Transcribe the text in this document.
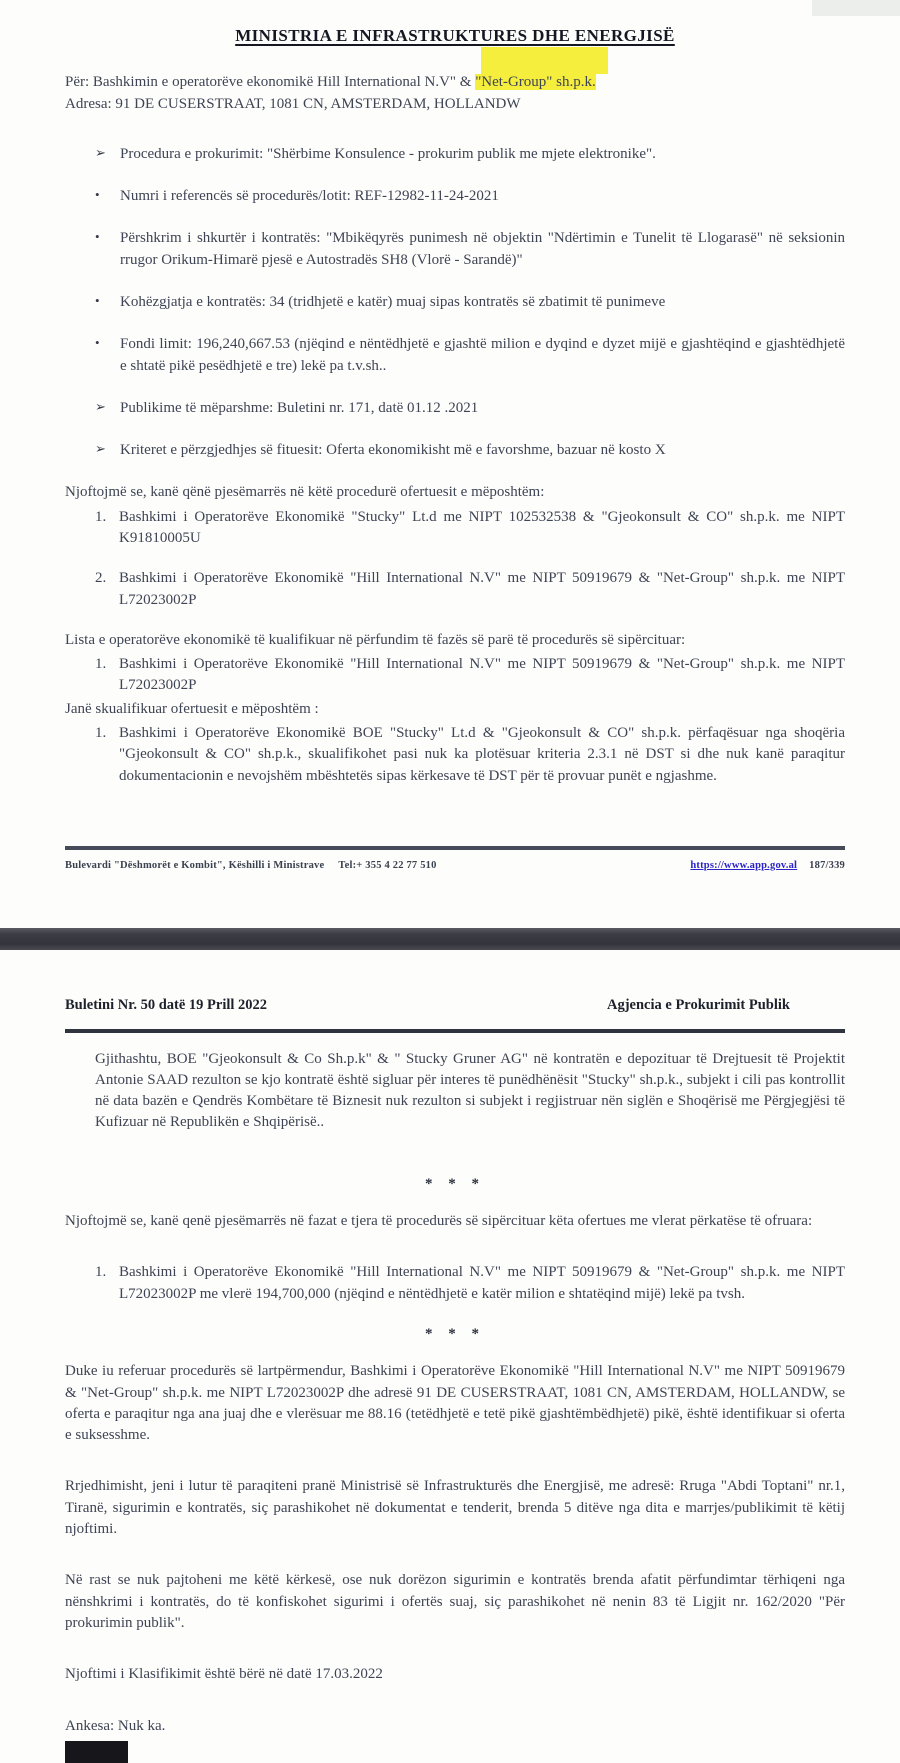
MINISTRIA E INFRASTRUKTURES DHE ENERGJISË

Për: Bashkimin e operatorëve ekonomikë Hill International N.V" & "Net-Group" sh.p.k.

Adresa: 91 DE CUSERSTRAAT, 1081 CN, AMSTERDAM, HOLLANDW

➢ Procedura e prokurimit: "Shërbime Konsulence - prokurim publik me mjete elektronike".
•	Numri i referencës së procedurës/lotit: REF-12982-11-24-2021
•	Përshkrim i shkurtër i kontratës: "Mbikëqyrës punimesh në objektin "Ndërtimin e Tunelit të Llogarasë" në seksionin rrugor Orikum-Himarë pjesë e Autostradës SH8 (Vlorë - Sarandë)"
•	Kohëzgjatja e kontratës: 34 (tridhjetë e katër) muaj sipas kontratës së zbatimit të punimeve
•	Fondi limit: 196,240,667.53 (njëqind e nëntëdhjetë e gjashtë milion e dyqind e dyzet mijë e gjashtëqind e gjashtëdhjetë e shtatë pikë pesëdhjetë e tre) lekë pa t.v.sh..
➢ Publikime të mëparshme: Buletini nr. 171, datë 01.12 .2021
➢ Kriteret e përzgjedhjes së fituesit: Oferta ekonomikisht më e favorshme, bazuar në kosto X

Njoftojmë se, kanë qënë pjesëmarrës në këtë procedurë ofertuesit e mëposhtëm:

1. Bashkimi i Operatorëve Ekonomikë "Stucky" Lt.d me NIPT 102532538 & "Gjeokonsult & CO" sh.p.k. me NIPT K91810005U
2. Bashkimi i Operatorëve Ekonomikë "Hill International N.V" me NIPT 50919679 & "Net-Group" sh.p.k. me NIPT L72023002P

Lista e operatorëve ekonomikë të kualifikuar në përfundim të fazës së parë të procedurës së sipërcituar:

1. Bashkimi i Operatorëve Ekonomikë "Hill International N.V" me NIPT 50919679 & "Net-Group" sh.p.k. me NIPT L72023002P

Janë skualifikuar ofertuesit e mëposhtëm :

1. Bashkimi i Operatorëve Ekonomikë BOE "Stucky" Lt.d & "Gjeokonsult & CO" sh.p.k. përfaqësuar nga shoqëria "Gjeokonsult & CO" sh.p.k., skualifikohet pasi nuk ka plotësuar kriteria 2.3.1 në DST si dhe nuk kanë paraqitur dokumentacionin e nevojshëm mbështetës sipas kërkesave të DST për të provuar punët e ngjashme.
Bulevardi "Dëshmorët e Kombit", Këshilli i Ministrave Tel:+ 355 4 22 77 510	https://www.app.gov.al 187/339
Buletini Nr. 50 datë 19 Prill 2022	Agjencia e Prokurimit Publik

Gjithashtu, BOE "Gjeokonsult & Co Sh.p.k" & " Stucky Gruner AG" në kontratën e depozituar të Drejtuesit të Projektit Antonie SAAD rezulton se kjo kontratë është sigluar për interes të punëdhënësit "Stucky" sh.p.k., subjekt i cili pas kontrollit në data bazën e Qendrës Kombëtare të Biznesit nuk rezulton si subjekt i regjistruar nën siglën e Shoqërisë me Përgjegjësi të Kufizuar në Republikën e Shqipërisë..

* * *

Njoftojmë se, kanë qenë pjesëmarrës në fazat e tjera të procedurës së sipërcituar këta ofertues me vlerat përkatëse të ofruara:

1. Bashkimi i Operatorëve Ekonomikë "Hill International N.V" me NIPT 50919679 & "Net-Group" sh.p.k. me NIPT L72023002P me vlerë 194,700,000 (njëqind e nëntëdhjetë e katër milion e shtatëqind mijë) lekë pa tvsh.

* * *

Duke iu referuar procedurës së lartpërmendur, Bashkimi i Operatorëve Ekonomikë "Hill International N.V" me NIPT 50919679 & "Net-Group" sh.p.k. me NIPT L72023002P dhe adresë 91 DE CUSERSTRAAT, 1081 CN, AMSTERDAM, HOLLANDW, se oferta e paraqitur nga ana juaj dhe e vlerësuar me 88.16 (tetëdhjetë e tetë pikë gjashtëmbëdhjetë) pikë, është identifikuar si oferta e suksesshme.

Rrjedhimisht, jeni i lutur të paraqiteni pranë Ministrisë së Infrastrukturës dhe Energjisë, me adresë: Rruga "Abdi Toptani" nr.1, Tiranë, sigurimin e kontratës, siç parashikohet në dokumentat e tenderit, brenda 5 ditëve nga dita e marrjes/publikimit të këtij njoftimi.

Në rast se nuk pajtoheni me këtë kërkesë, ose nuk dorëzon sigurimin e kontratës brenda afatit përfundimtar tërhiqeni nga nënshkrimi i kontratës, do të konfiskohet sigurimi i ofertës suaj, siç parashikohet në nenin 83 të Ligjit nr. 162/2020 "Për prokurimin publik".

Njoftimi i Klasifikimit është bërë në datë 17.03.2022

Ankesa: Nuk ka.
